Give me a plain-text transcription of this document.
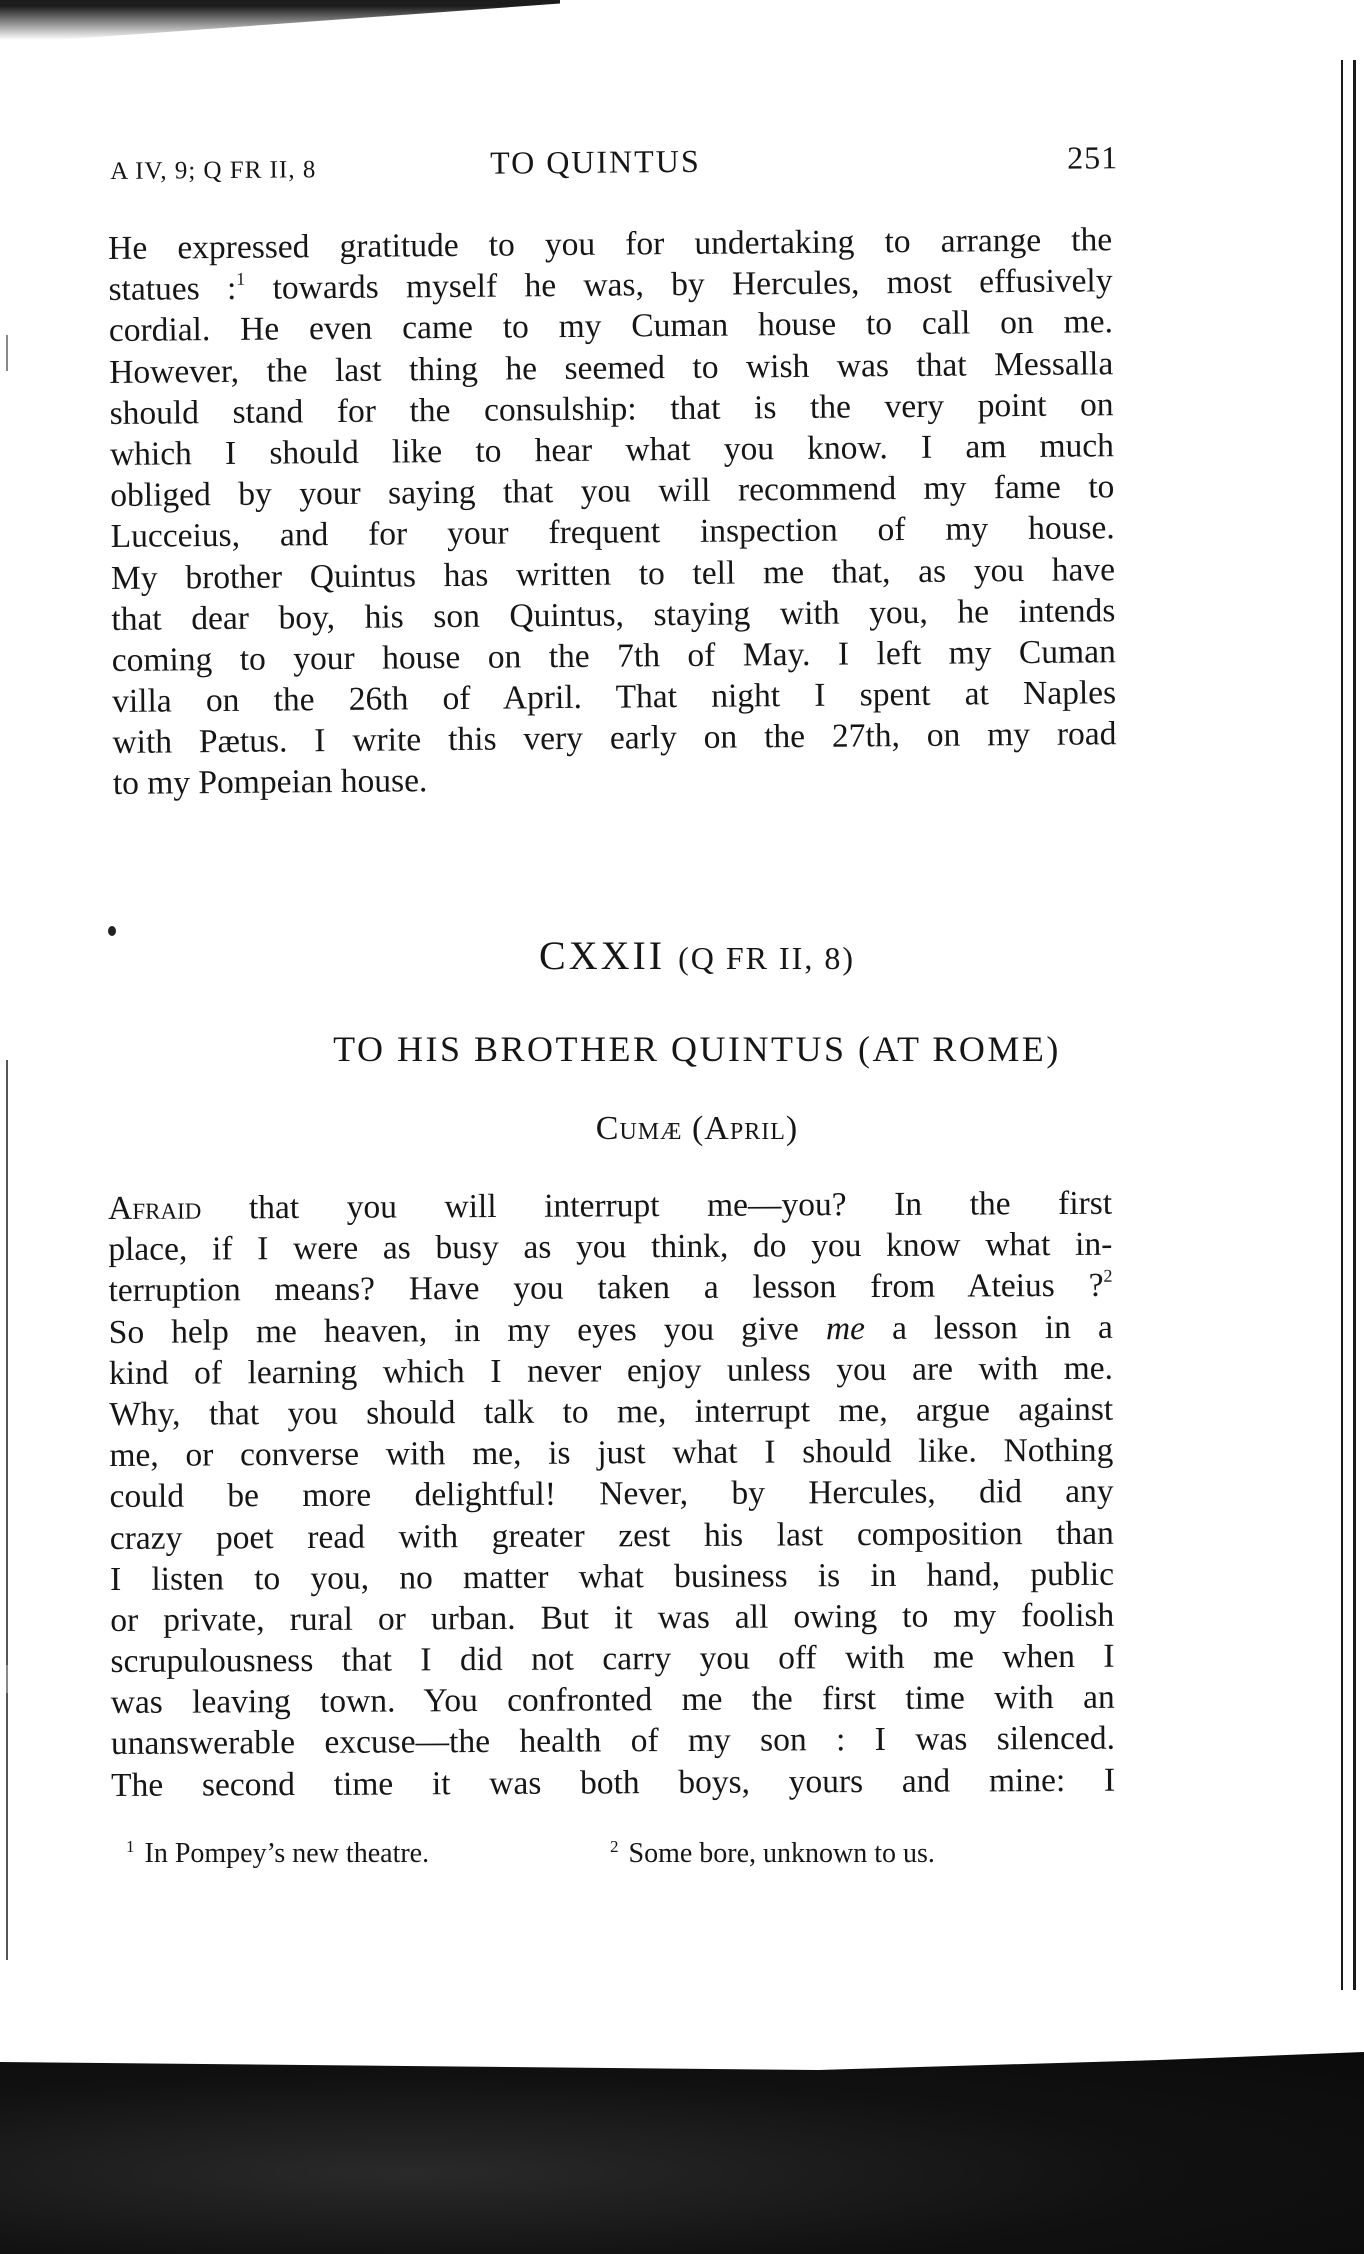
A IV, 9; Q FR II, 8	TO QUINTUS	251
He expressed gratitude to you for undertaking to arrange the
statues :$^1$ towards myself he was, by Hercules, most effusively
cordial. He even came to my Cuman house to call on me.
However, the last thing he seemed to wish was that Messalla
should stand for the consulship: that is the very point on
which I should like to hear what you know. I am much
obliged by your saying that you will recommend my fame to
Lucceius, and for your frequent inspection of my house.
My brother Quintus has written to tell me that, as you have
that dear boy, his son Quintus, staying with you, he intends
coming to your house on the 7th of May. I left my Cuman
villa on the 26th of April. That night I spent at Naples
with Pætus. I write this very early on the 27th, on my road
to my Pompeian house.
CXXII (Q FR II, 8)
TO HIS BROTHER QUINTUS (AT ROME)
Cumæ (April)
Afraid that you will interrupt me—you? In the first
place, if I were as busy as you think, do you know what in-
terruption means? Have you taken a lesson from Ateius ?$^2$
So help me heaven, in my eyes you give me a lesson in a
kind of learning which I never enjoy unless you are with me.
Why, that you should talk to me, interrupt me, argue against
me, or converse with me, is just what I should like. Nothing
could be more delightful! Never, by Hercules, did any
crazy poet read with greater zest his last composition than
I listen to you, no matter what business is in hand, public
or private, rural or urban. But it was all owing to my foolish
scrupulousness that I did not carry you off with me when I
was leaving town. You confronted me the first time with an
unanswerable excuse—the health of my son : I was silenced.
The second time it was both boys, yours and mine: I
$^1$ In Pompey’s new theatre.	$^2$ Some bore, unknown to us.
